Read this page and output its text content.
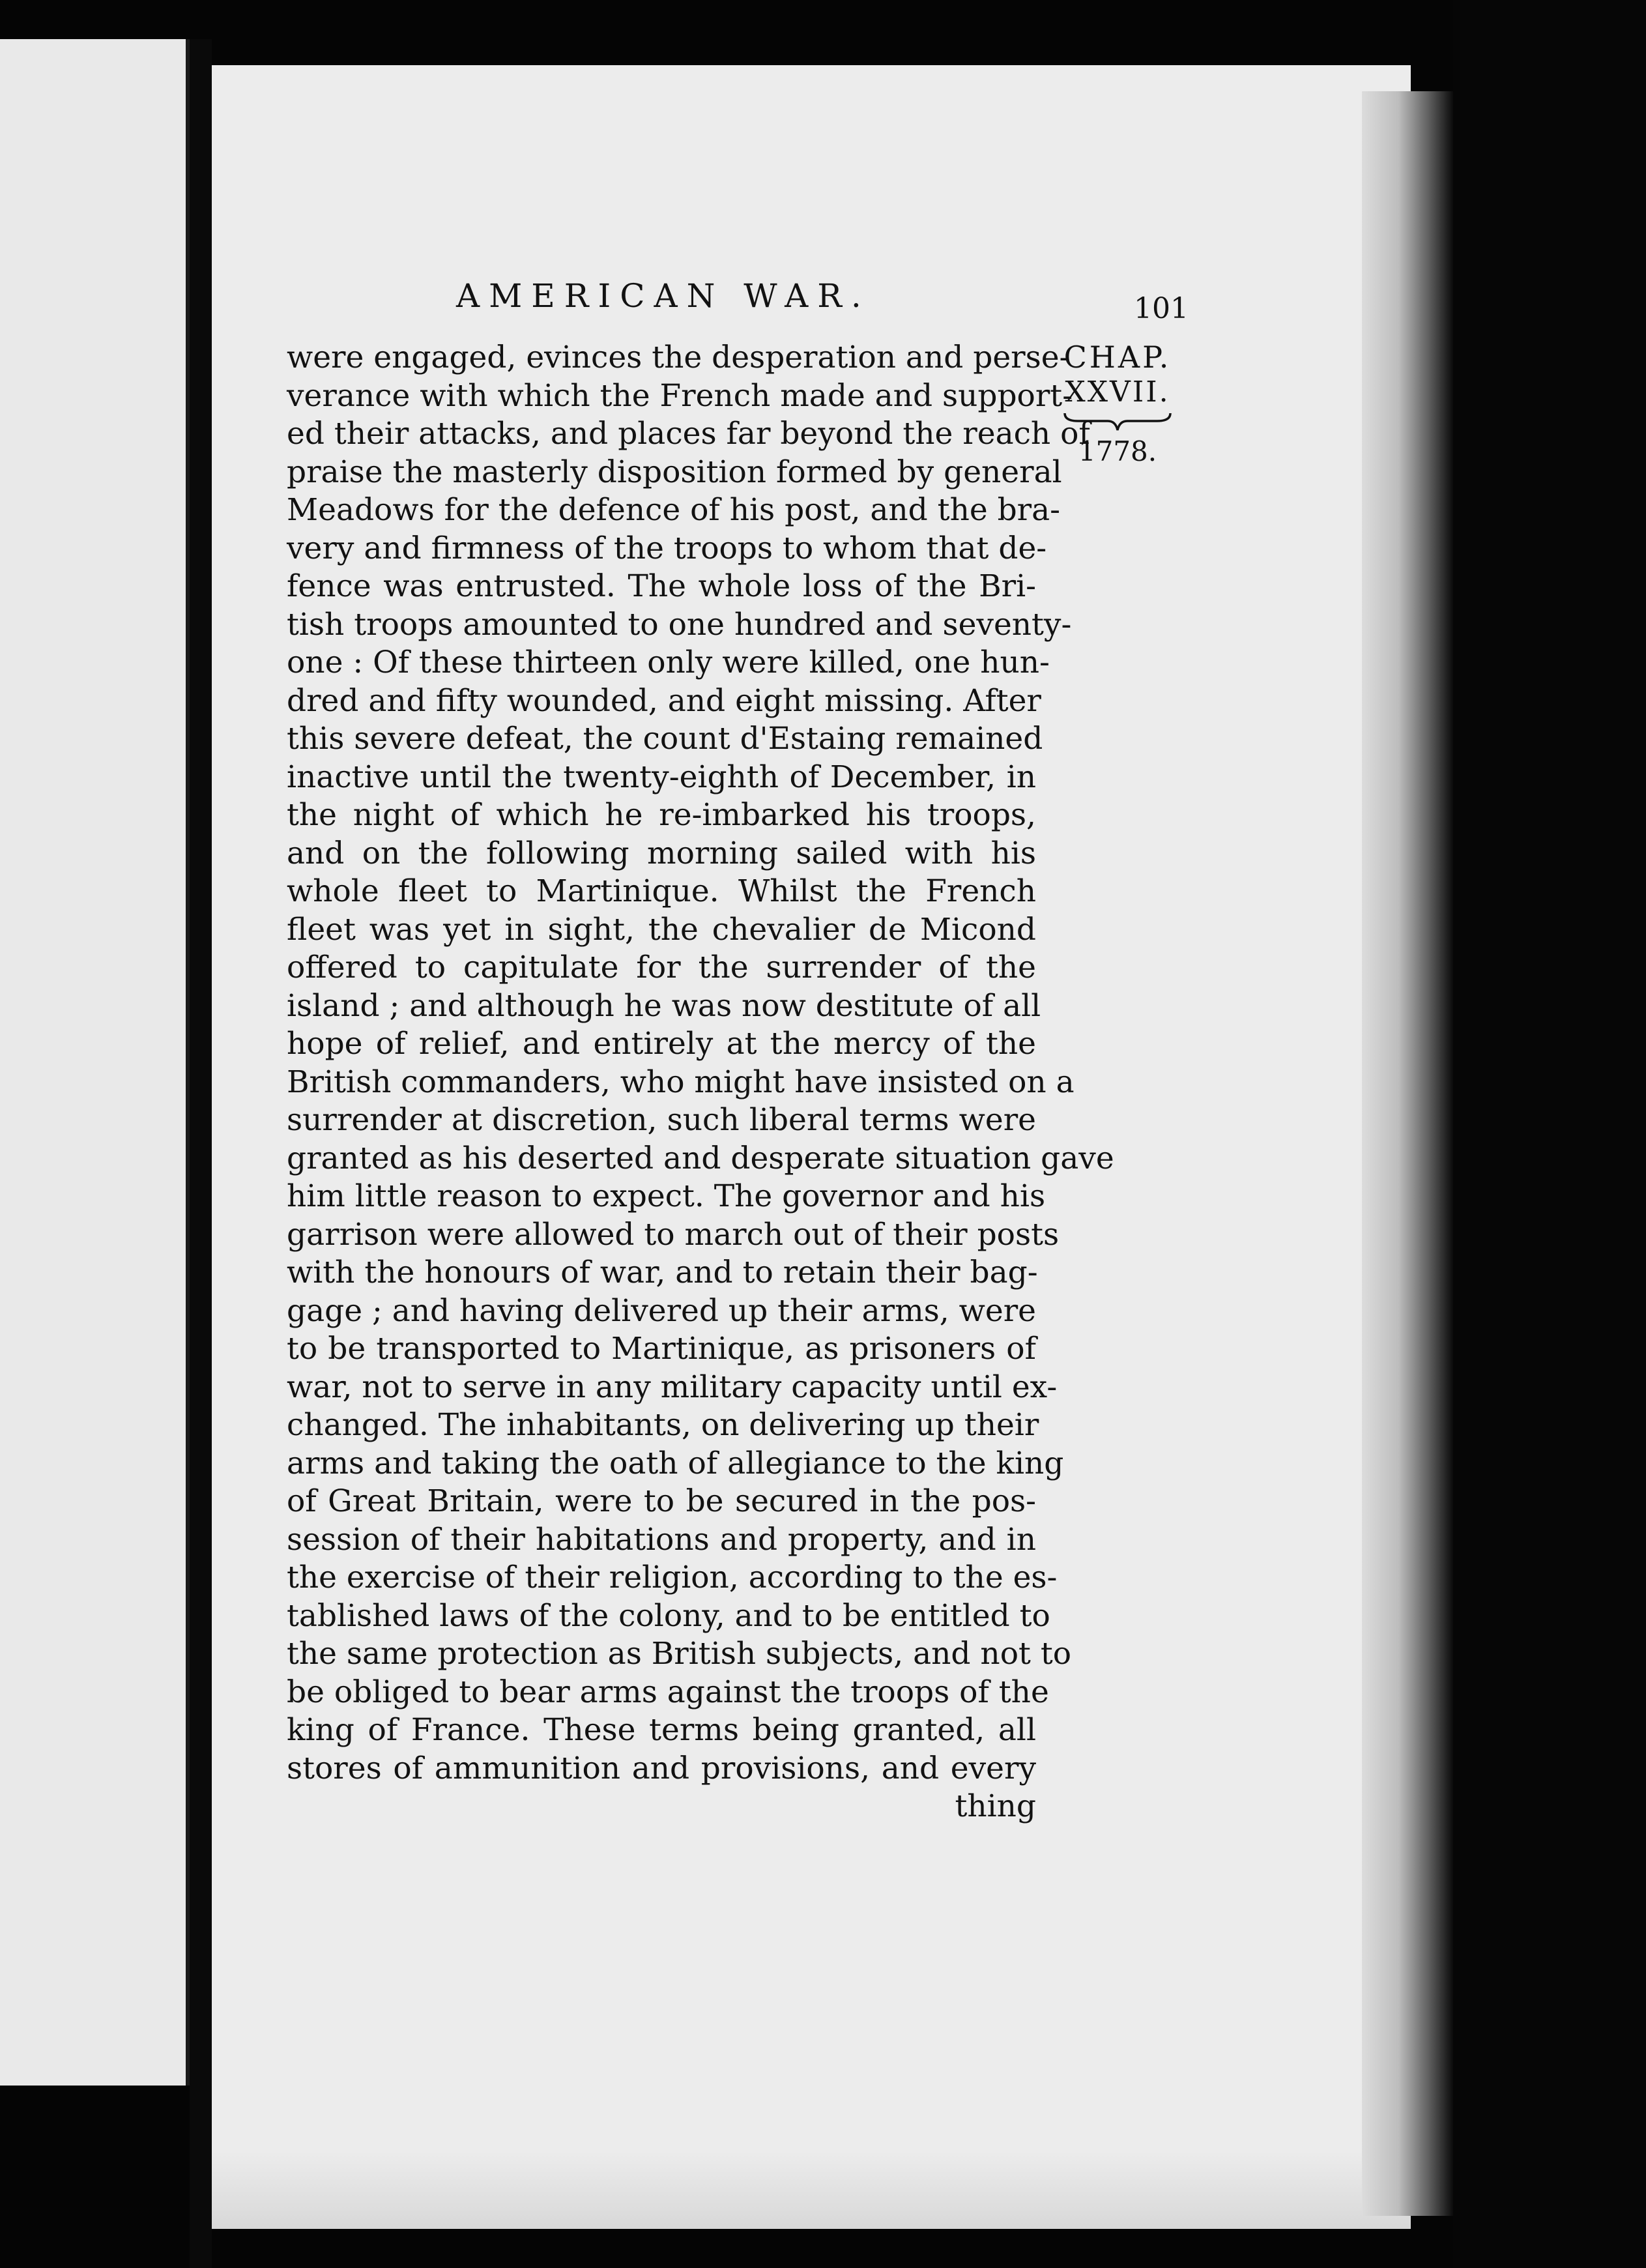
AMERICAN WAR.	101
were engaged, evinces the desperation and perse-
verance with which the French made and support-
ed their attacks, and places far beyond the reach of
praise the masterly disposition formed by general
Meadows for the defence of his post, and the bra-
very and firmness of the troops to whom that de-
fence was entrusted. The whole loss of the Bri-
tish troops amounted to one hundred and seventy-
one : Of these thirteen only were killed, one hun-
dred and fifty wounded, and eight missing. After
this severe defeat, the count d'Estaing remained
inactive until the twenty-eighth of December, in
the night of which he re-imbarked his troops,
and on the following morning sailed with his
whole fleet to Martinique. Whilst the French
fleet was yet in sight, the chevalier de Micond
offered to capitulate for the surrender of the
island ; and although he was now destitute of all
hope of relief, and entirely at the mercy of the
British commanders, who might have insisted on a
surrender at discretion, such liberal terms were
granted as his deserted and desperate situation gave
him little reason to expect. The governor and his
garrison were allowed to march out of their posts
with the honours of war, and to retain their bag-
gage ; and having delivered up their arms, were
to be transported to Martinique, as prisoners of
war, not to serve in any military capacity until ex-
changed. The inhabitants, on delivering up their
arms and taking the oath of allegiance to the king
of Great Britain, were to be secured in the pos-
session of their habitations and property, and in
the exercise of their religion, according to the es-
tablished laws of the colony, and to be entitled to
the same protection as British subjects, and not to
be obliged to bear arms against the troops of the
king of France. These terms being granted, all
stores of ammunition and provisions, and every
thing
CHAP.
XXVII.
1778.
